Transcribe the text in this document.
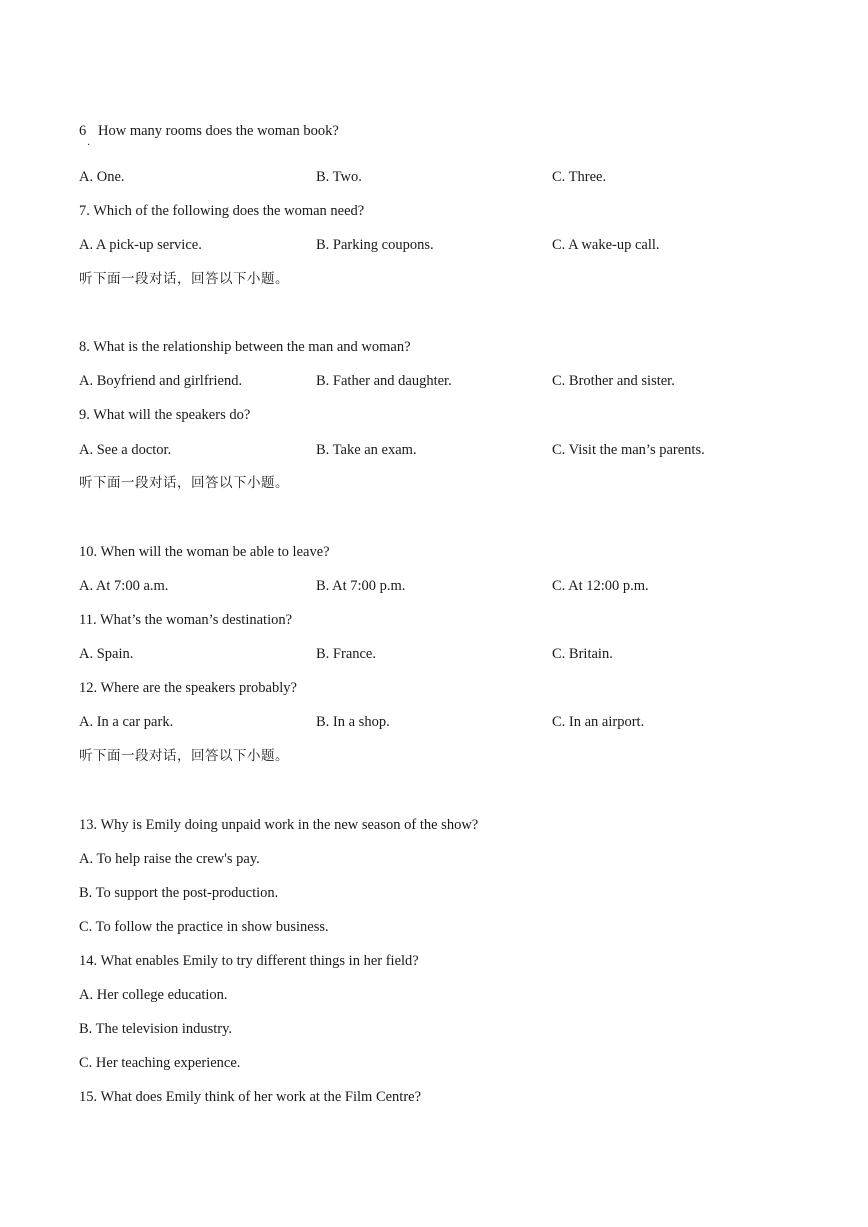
6 How many rooms does the woman book?
·
A. One.	B. Two.	C. Three.
7. Which of the following does the woman need?
A. A pick-up service.	B. Parking coupons.	C. A wake-up call.
听下面一段对话，回答以下小题。
8. What is the relationship between the man and woman?
A. Boyfriend and girlfriend.	B. Father and daughter.	C. Brother and sister.
9. What will the speakers do?
A. See a doctor.	B. Take an exam.	C. Visit the man’s parents.
听下面一段对话，回答以下小题。
10. When will the woman be able to leave?
A. At 7:00 a.m.	B. At 7:00 p.m.	C. At 12:00 p.m.
11. What’s the woman’s destination?
A. Spain.	B. France.	C. Britain.
12. Where are the speakers probably?
A. In a car park.	B. In a shop.	C. In an airport.
听下面一段对话，回答以下小题。
13. Why is Emily doing unpaid work in the new season of the show?
A. To help raise the crew's pay.
B. To support the post-production.
C. To follow the practice in show business.
14. What enables Emily to try different things in her field?
A. Her college education.
B. The television industry.
C. Her teaching experience.
15. What does Emily think of her work at the Film Centre?
